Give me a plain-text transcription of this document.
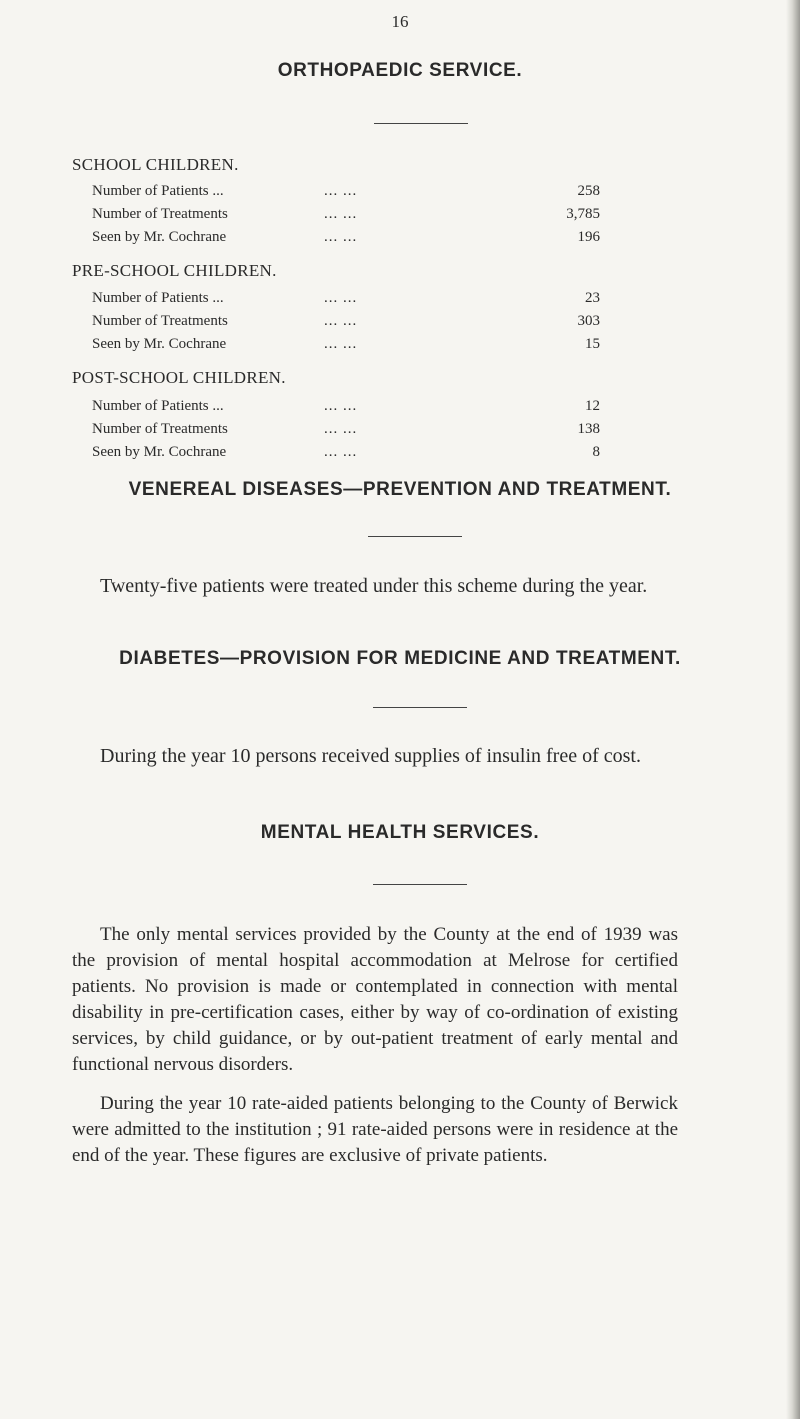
16
ORTHOPAEDIC SERVICE.
SCHOOL CHILDREN.
Number of Patients ...	... ...	258
Number of Treatments	... ...	3,785
Seen by Mr. Cochrane	... ...	196
PRE-SCHOOL CHILDREN.
Number of Patients ...	... ...	23
Number of Treatments	... ...	303
Seen by Mr. Cochrane	... ...	15
POST-SCHOOL CHILDREN.
Number of Patients ...	... ...	12
Number of Treatments	... ...	138
Seen by Mr. Cochrane	... ...	8
VENEREAL DISEASES—PREVENTION AND TREATMENT.

Twenty-five patients were treated under this scheme during the year.

DIABETES—PROVISION FOR MEDICINE AND TREATMENT.

During the year 10 persons received supplies of insulin free of cost.

MENTAL HEALTH SERVICES.

The only mental services provided by the County at the end of 1939 was the provision of mental hospital accommodation at Melrose for certified patients. No provision is made or contemplated in connection with mental disability in pre-certification cases, either by way of co-ordination of existing services, by child guidance, or by out-patient treatment of early mental and functional nervous disorders.

During the year 10 rate-aided patients belonging to the County of Berwick were admitted to the institution ; 91 rate-aided persons were in residence at the end of the year. These figures are exclusive of private patients.
